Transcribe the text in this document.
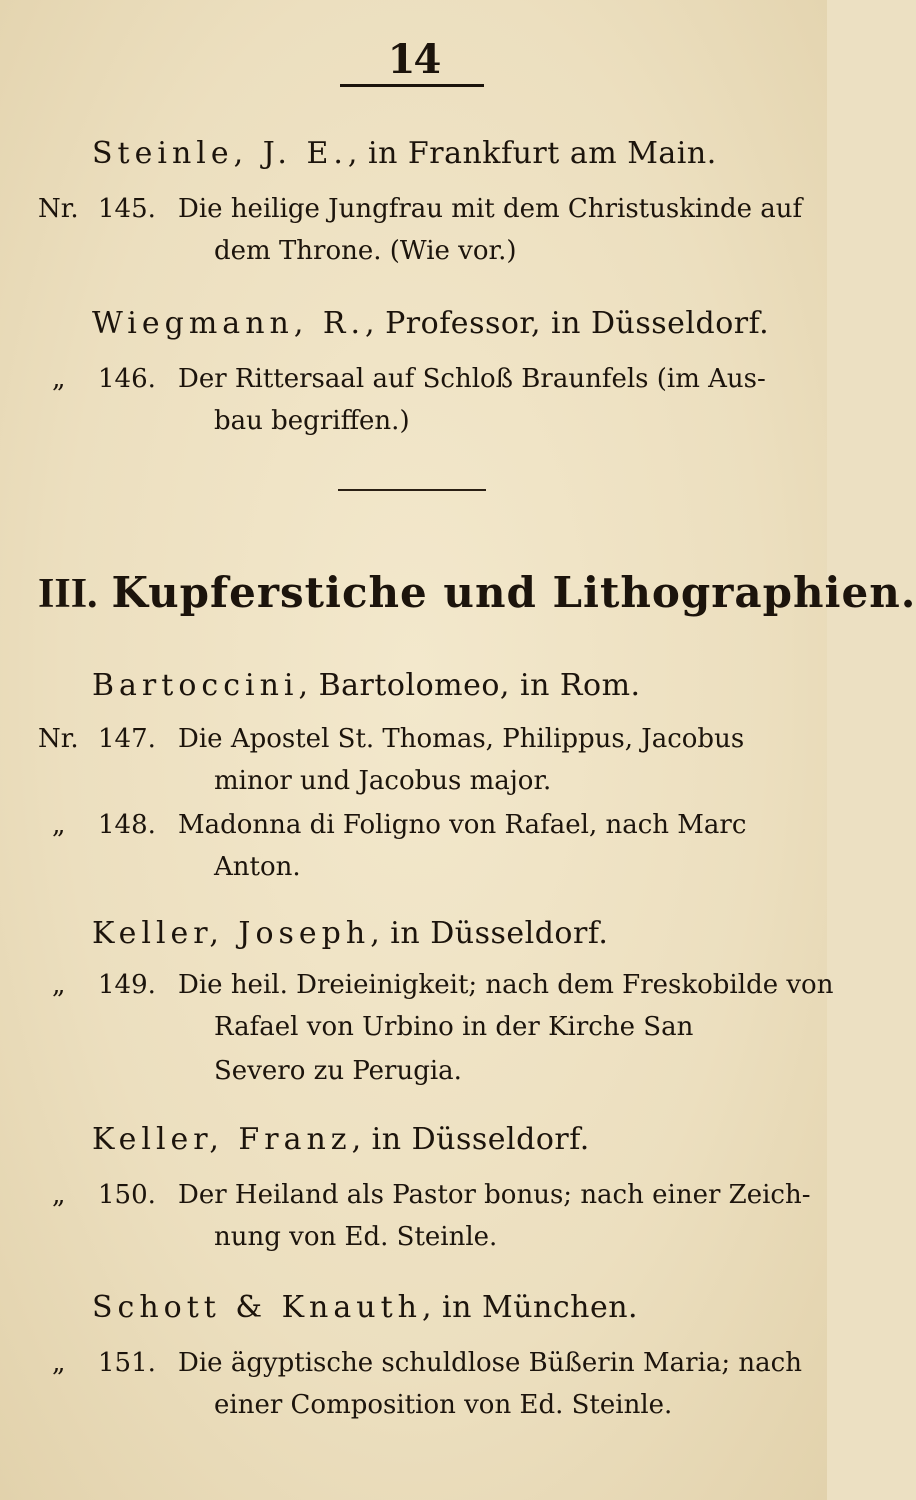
14
Steinle, J. E., in Frankfurt am Main.
Nr. 145. Die heilige Jungfrau mit dem Christuskinde auf
dem Throne. (Wie vor.)
Wiegmann, R., Professor, in Düsseldorf.
„	146. Der Rittersaal auf Schloß Braunfels (im Aus-
bau begriffen.)
III. Kupferstiche und Lithographien.
Bartoccini, Bartolomeo, in Rom.
Nr. 147. Die Apostel St. Thomas, Philippus, Jacobus
minor und Jacobus major.
„	148. Madonna di Foligno von Rafael, nach Marc
Anton.
Keller, Joseph, in Düsseldorf.
„	149. Die heil. Dreieinigkeit; nach dem Freskobilde von
Rafael von Urbino in der Kirche San
Severo zu Perugia.
Keller, Franz, in Düsseldorf.
„	150. Der Heiland als Pastor bonus; nach einer Zeich-
nung von Ed. Steinle.
Schott & Knauth, in München.
„	151. Die ägyptische schuldlose Büßerin Maria; nach
einer Composition von Ed. Steinle.
